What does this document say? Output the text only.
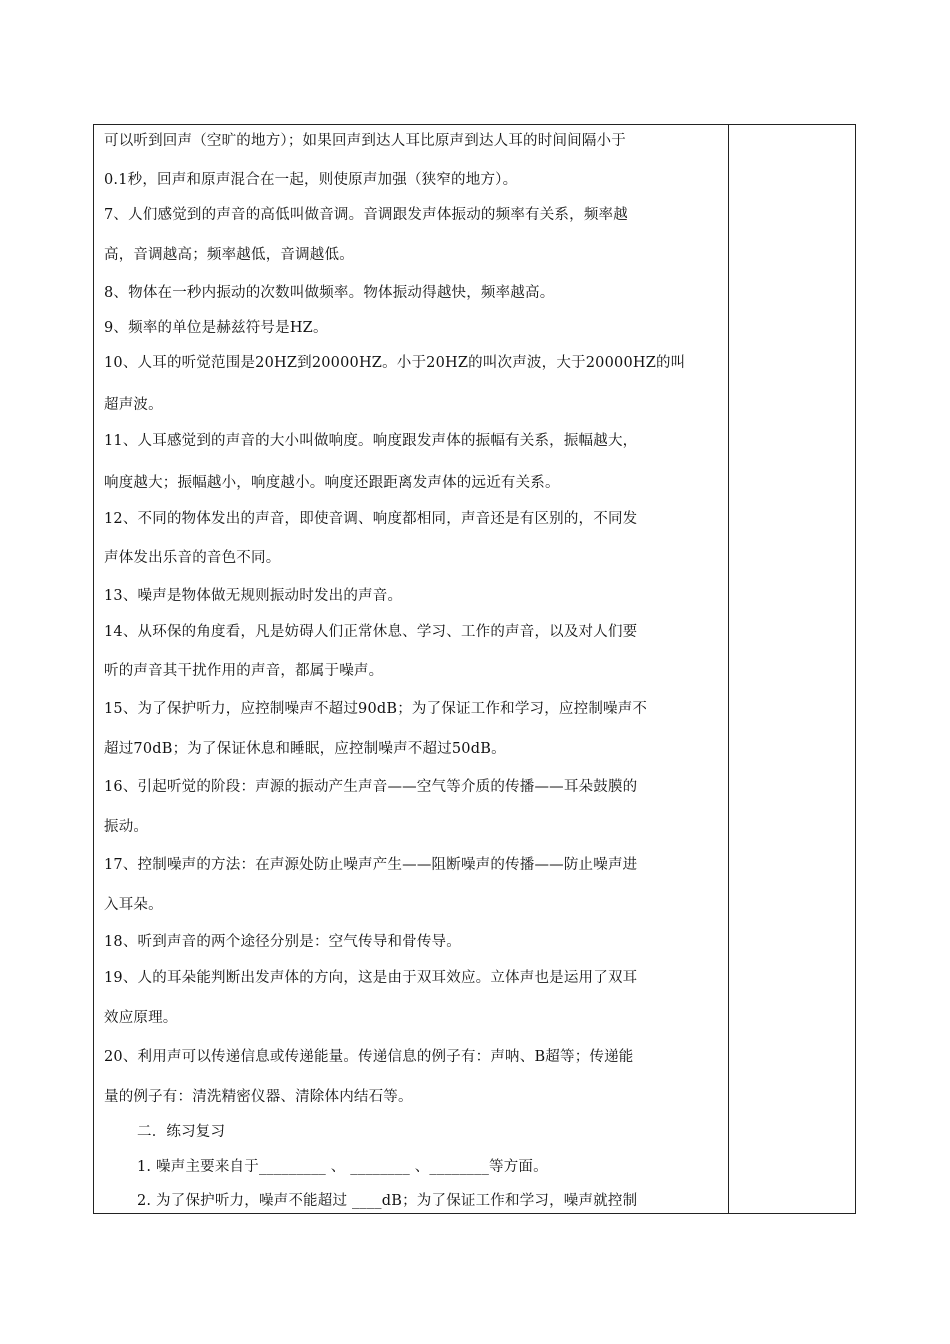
可以听到回声（空旷的地方）；如果回声到达人耳比原声到达人耳的时间间隔小于
0.1秒，回声和原声混合在一起，则使原声加强（狭窄的地方）。
7、人们感觉到的声音的高低叫做音调。音调跟发声体振动的频率有关系，频率越
高，音调越高；频率越低，音调越低。
8、物体在一秒内振动的次数叫做频率。物体振动得越快，频率越高。
9、频率的单位是赫兹符号是HZ。
10、人耳的听觉范围是20HZ到20000HZ。小于20HZ的叫次声波，大于20000HZ的叫
超声波。
11、人耳感觉到的声音的大小叫做响度。响度跟发声体的振幅有关系，振幅越大，
响度越大；振幅越小，响度越小。响度还跟距离发声体的远近有关系。
12、不同的物体发出的声音，即使音调、响度都相同，声音还是有区别的，不同发
声体发出乐音的音色不同。
13、噪声是物体做无规则振动时发出的声音。
14、从环保的角度看，凡是妨碍人们正常休息、学习、工作的声音，以及对人们要
听的声音其干扰作用的声音，都属于噪声。
15、为了保护听力，应控制噪声不超过90dB；为了保证工作和学习，应控制噪声不
超过70dB；为了保证休息和睡眠，应控制噪声不超过50dB。
16、引起听觉的阶段：声源的振动产生声音——空气等介质的传播——耳朵鼓膜的
振动。
17、控制噪声的方法：在声源处防止噪声产生——阻断噪声的传播——防止噪声进
入耳朵。
18、听到声音的两个途径分别是：空气传导和骨传导。
19、人的耳朵能判断出发声体的方向，这是由于双耳效应。立体声也是运用了双耳
效应原理。
20、利用声可以传递信息或传递能量。传递信息的例子有：声呐、B超等；传递能
量的例子有：清洗精密仪器、清除体内结石等。
二．练习复习
1. 噪声主要来自于_________ 、 ________ 、________等方面。
2. 为了保护听力，噪声不能超过 ____dB；为了保证工作和学习，噪声就控制
